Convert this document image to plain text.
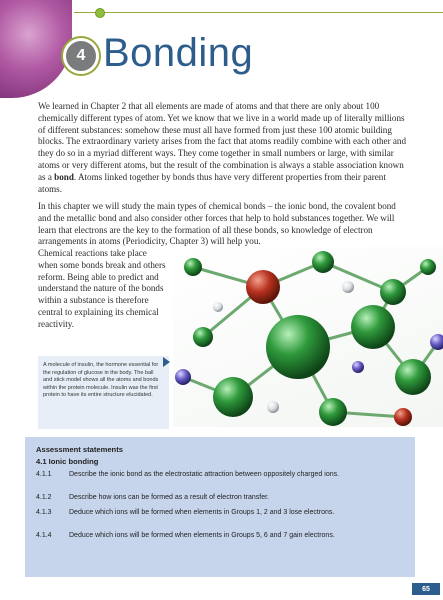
4 Bonding

We learned in Chapter 2 that all elements are made of atoms and that there are only about 100 chemically different types of atom. Yet we know that we live in a world made up of literally millions of different substances: somehow these must all have formed from just these 100 atomic building blocks. The extraordinary variety arises from the fact that atoms readily combine with each other and they do so in a myriad different ways. They come together in small numbers or large, with similar atoms or very different atoms, but the result of the combination is always a stable association known as a bond. Atoms linked together by bonds thus have very different properties from their parent atoms.

In this chapter we will study the main types of chemical bonds – the ionic bond, the covalent bond and the metallic bond and also consider other forces that help to hold substances together. We will learn that electrons are the key to the formation of all these bonds, so knowledge of electron arrangements in atoms (Periodicity, Chapter 3) will help you.

Chemical reactions take place when some bonds break and others reform. Being able to predict and understand the nature of the bonds within a substance is therefore central to explaining its chemical reactivity.

A molecule of insulin, the hormone essential for the regulation of glucose in the body. The ball and stick model shows all the atoms and bonds within the protein molecule. Insulin was the first protein to have its entire structure elucidated.
Assessment statements
4.1 Ionic bonding
4.1.1	Describe the ionic bond as the electrostatic attraction between oppositely charged ions.
4.1.2	Describe how ions can be formed as a result of electron transfer.
4.1.3	Deduce which ions will be formed when elements in Groups 1, 2 and 3 lose electrons.
4.1.4	Deduce which ions will be formed when elements in Groups 5, 6 and 7 gain electrons.
65
